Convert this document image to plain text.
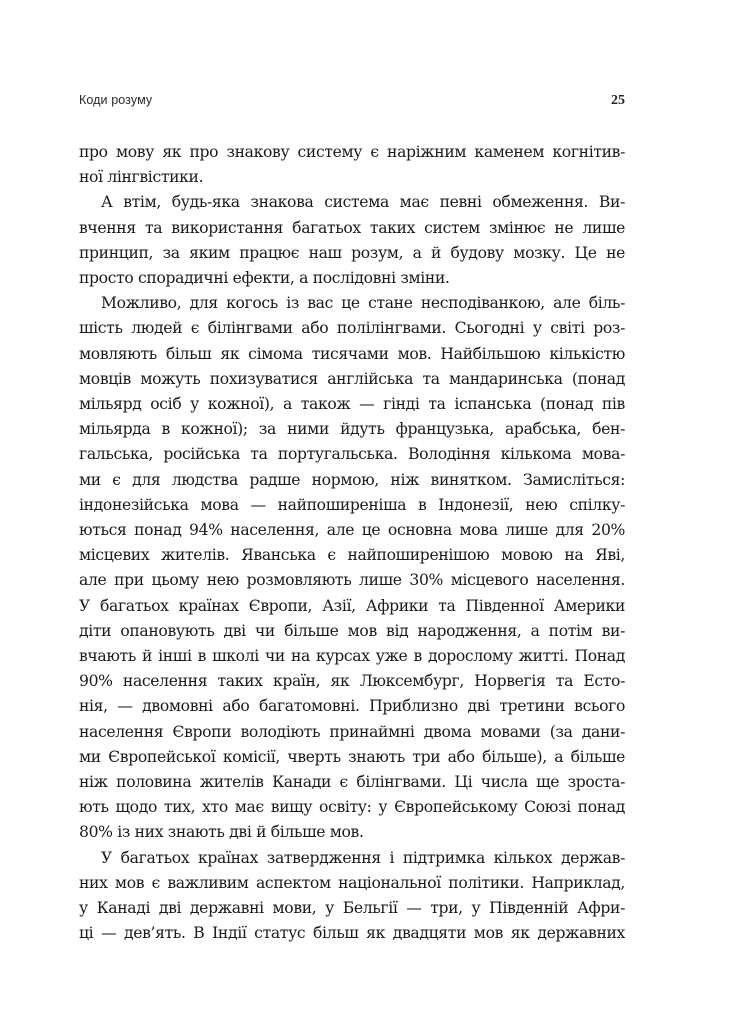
Коди розуму	25
про мову як про знакову систему є наріжним каменем когнітив-
ної лінгвістики.
А втім, будь-яка знакова система має певні обмеження. Ви-
вчення та використання багатьох таких систем змінює не лише
принцип, за яким працює наш розум, а й будову мозку. Це не
просто спорадичні ефекти, а послідовні зміни.
Можливо, для когось із вас це стане несподіванкою, але біль-
шість людей є білінгвами або полілінгвами. Сьогодні у світі роз-
мовляють більш як сімома тисячами мов. Найбільшою кількістю
мовців можуть похизуватися англійська та мандаринська (понад
мільярд осіб у кожної), а також — гінді та іспанська (понад пів
мільярда в кожної); за ними йдуть французька, арабська, бен-
гальська, російська та португальська. Володіння кількома мова-
ми є для людства радше нормою, ніж винятком. Замисліться:
індонезійська мова — найпоширеніша в Індонезії, нею спілку-
ються понад 94% населення, але це основна мова лише для 20%
місцевих жителів. Яванська є найпоширенішою мовою на Яві,
але при цьому нею розмовляють лише 30% місцевого населення.
У багатьох країнах Європи, Азії, Африки та Південної Америки
діти опановують дві чи більше мов від народження, а потім ви-
вчають й інші в школі чи на курсах уже в дорослому житті. Понад
90% населення таких країн, як Люксембург, Норвегія та Есто-
нія, — двомовні або багатомовні. Приблизно дві третини всього
населення Європи володіють принаймні двома мовами (за дани-
ми Європейської комісії, чверть знають три або більше), а більше
ніж половина жителів Канади є білінгвами. Ці числа ще зроста-
ють щодо тих, хто має вищу освіту: у Європейському Союзі понад
80% із них знають дві й більше мов.
У багатьох країнах затвердження і підтримка кількох держав-
них мов є важливим аспектом національної політики. Наприклад,
у Канаді дві державні мови, у Бельгії — три, у Південній Афри-
ці — дев’ять. В Індії статус більш як двадцяти мов як державних
